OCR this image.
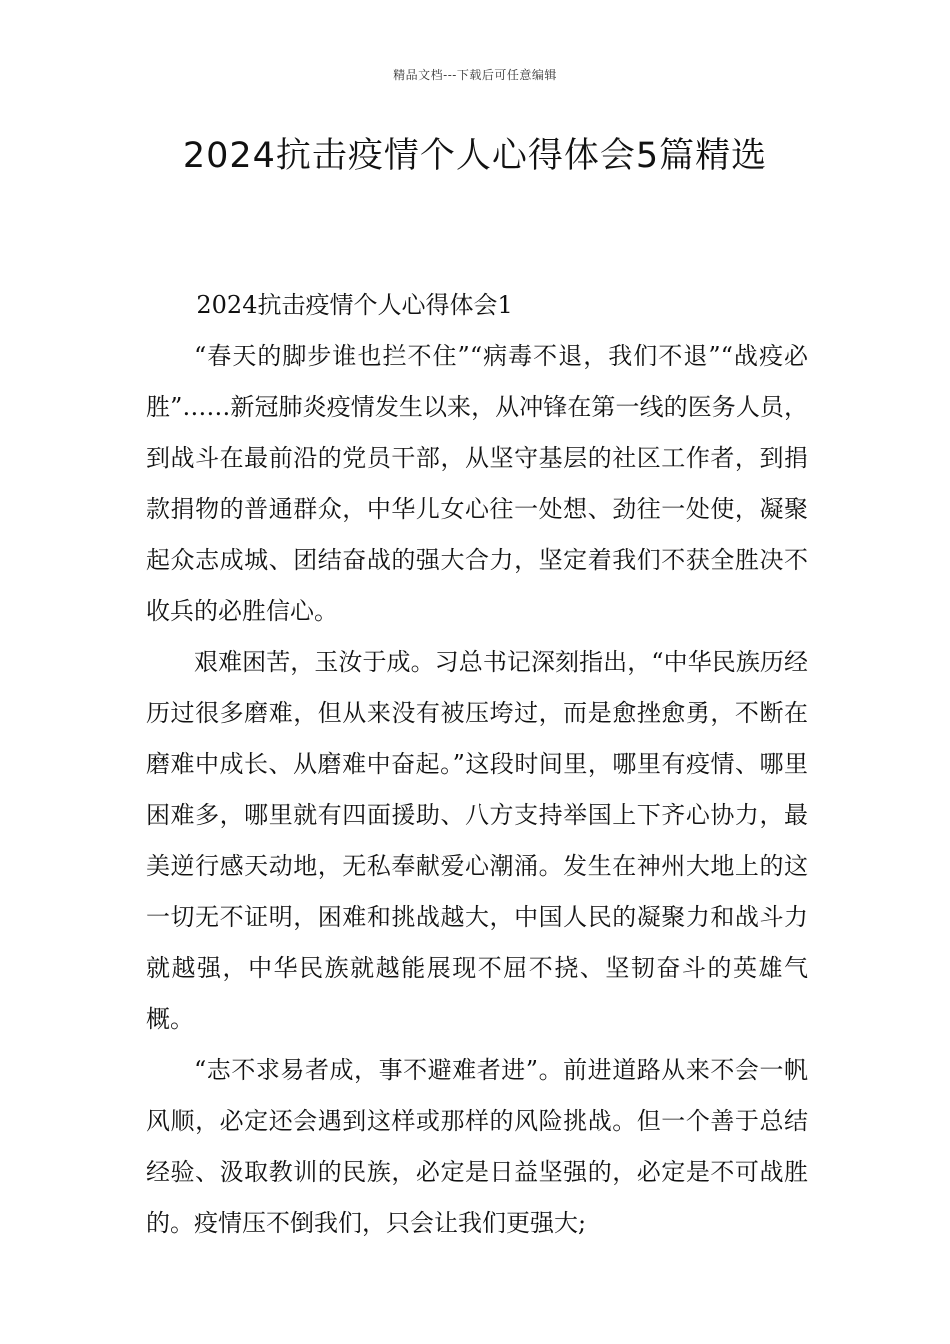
精品文档---下载后可任意编辑
2024抗击疫情个人心得体会5篇精选

2024抗击疫情个人心得体会1

“春天的脚步谁也拦不住”“病毒不退，我们不退”“战疫必胜”……新冠肺炎疫情发生以来，从冲锋在第一线的医务人员，到战斗在最前沿的党员干部，从坚守基层的社区工作者，到捐款捐物的普通群众，中华儿女心往一处想、劲往一处使，凝聚起众志成城、团结奋战的强大合力，坚定着我们不获全胜决不收兵的必胜信心。

艰难困苦，玉汝于成。习总书记深刻指出，“中华民族历经历过很多磨难，但从来没有被压垮过，而是愈挫愈勇，不断在磨难中成长、从磨难中奋起。”这段时间里，哪里有疫情、哪里困难多，哪里就有四面援助、八方支持举国上下齐心协力，最美逆行感天动地，无私奉献爱心潮涌。发生在神州大地上的这一切无不证明，困难和挑战越大，中国人民的凝聚力和战斗力就越强，中华民族就越能展现不屈不挠、坚韧奋斗的英雄气概。

“志不求易者成，事不避难者进”。前进道路从来不会一帆风顺，必定还会遇到这样或那样的风险挑战。但一个善于总结经验、汲取教训的民族，必定是日益坚强的，必定是不可战胜的。疫情压不倒我们，只会让我们更强大;
